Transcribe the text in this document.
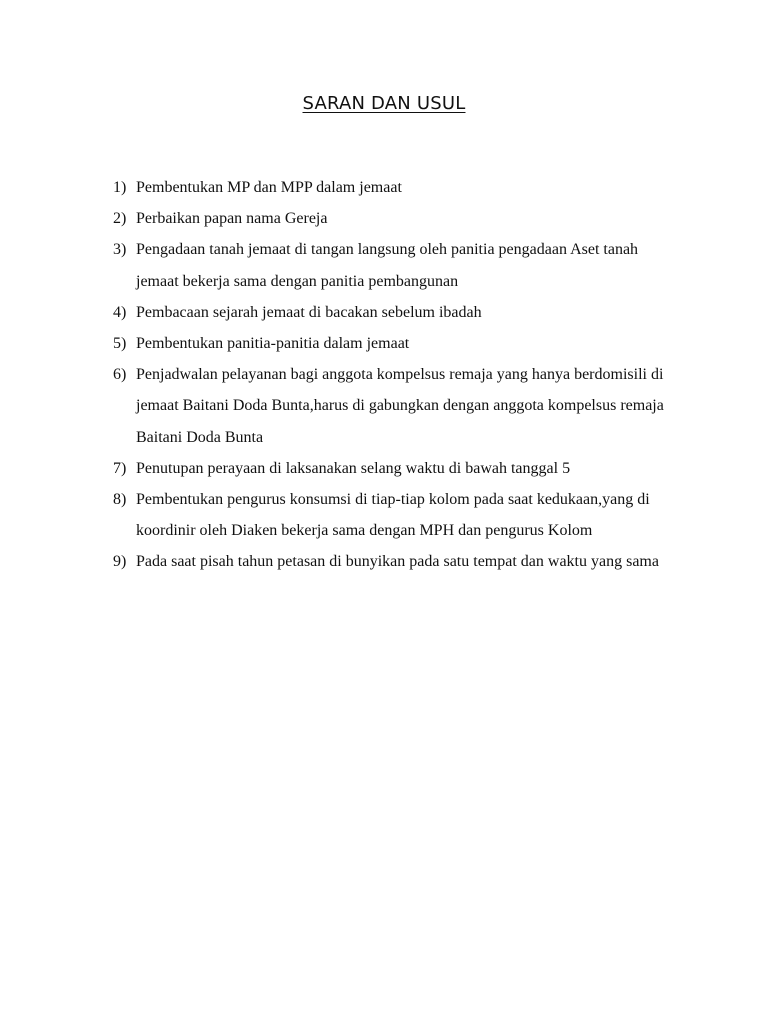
SARAN DAN USUL
1) Pembentukan MP dan MPP dalam jemaat
2) Perbaikan papan nama Gereja
3) Pengadaan tanah jemaat di tangan langsung oleh panitia pengadaan Aset tanah jemaat bekerja sama dengan panitia pembangunan
4) Pembacaan sejarah jemaat di bacakan sebelum ibadah
5) Pembentukan panitia-panitia dalam jemaat
6) Penjadwalan pelayanan bagi anggota kompelsus remaja yang hanya berdomisili di jemaat Baitani Doda Bunta,harus di gabungkan dengan anggota kompelsus remaja Baitani Doda Bunta
7) Penutupan perayaan di laksanakan selang waktu di bawah tanggal 5
8) Pembentukan pengurus konsumsi di tiap-tiap kolom pada saat kedukaan,yang di koordinir oleh Diaken bekerja sama dengan MPH dan pengurus Kolom
9) Pada saat pisah tahun petasan di bunyikan pada satu tempat dan waktu yang sama
